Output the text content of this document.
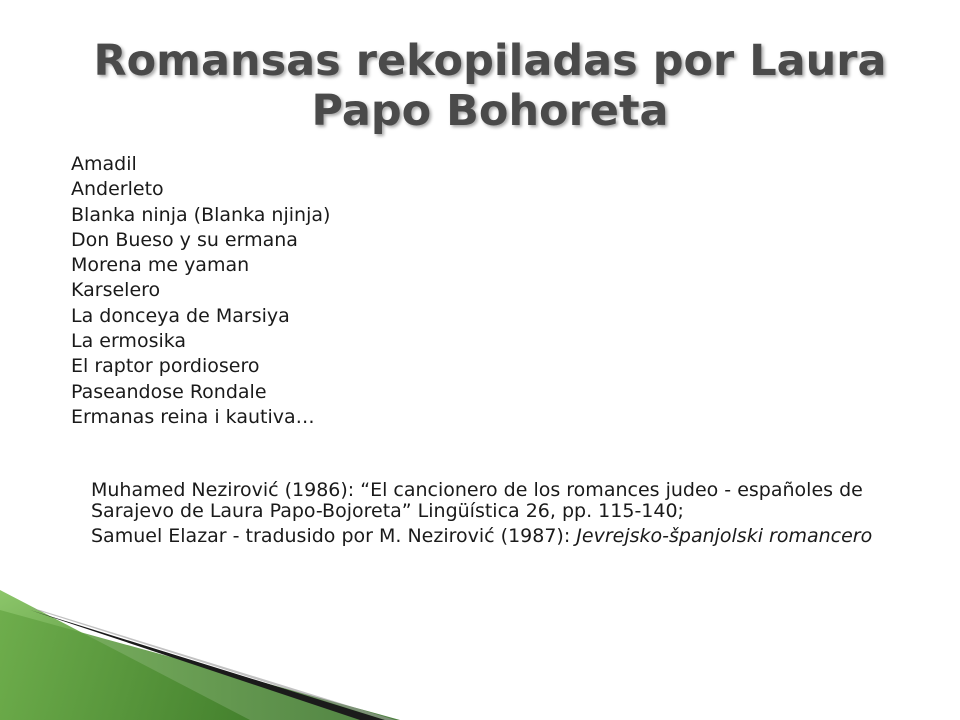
Romansas rekopiladas por Laura Papo Bohoreta
Amadil
Anderleto
Blanka ninja (Blanka njinja)
Don Bueso y su ermana
Morena me yaman
Karselero
La donceya de Marsiya
La ermosika
El raptor pordiosero
Paseandose Rondale
Ermanas reina i kautiva…

Muhamed Nezirović (1986): “El cancionero de los romances judeo - españoles de Sarajevo de Laura Papo-Bojoreta” Lingüística 26, pp. 115-140;

Samuel Elazar - tradusido por M. Nezirović (1987): Jevrejsko-španjolski romancero
